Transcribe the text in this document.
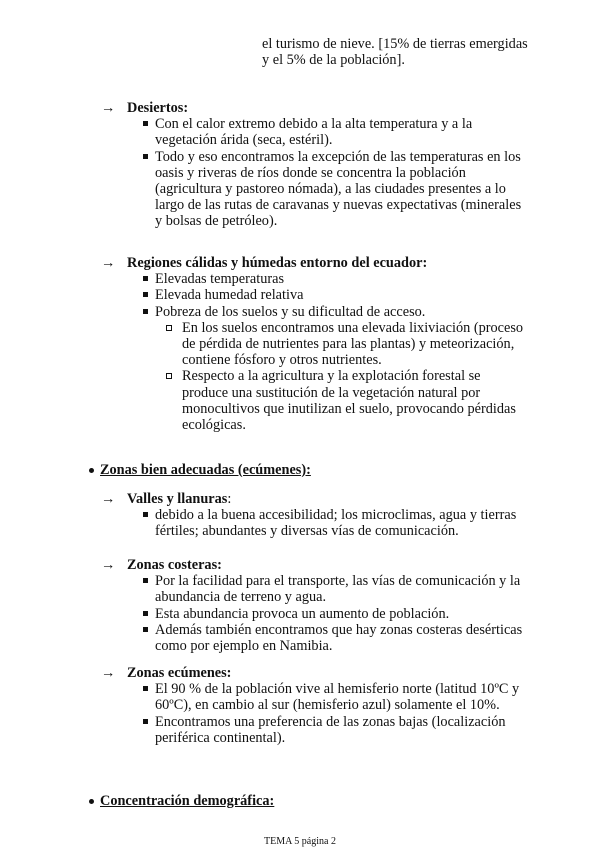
el turismo de nieve. [15% de tierras emergidas y el 5% de la población].
→ Desiertos:
Con el calor extremo debido a la alta temperatura y a la vegetación árida (seca, estéril).
Todo y eso encontramos la excepción de las temperaturas en los oasis y riveras de ríos donde se concentra la población (agricultura y pastoreo nómada), a las ciudades presentes a lo largo de las rutas de caravanas y nuevas expectativas (minerales y bolsas de petróleo).
→ Regiones cálidas y húmedas entorno del ecuador:
Elevadas temperaturas
Elevada humedad relativa
Pobreza de los suelos y su dificultad de acceso.
En los suelos encontramos una elevada lixiviación (proceso de pérdida de nutrientes para las plantas) y meteorización, contiene fósforo y otros nutrientes.
Respecto a la agricultura y la explotación forestal se produce una sustitución de la vegetación natural por monocultivos que inutilizan el suelo, provocando pérdidas ecológicas.
Zonas bien adecuadas (ecúmenes):
→ Valles y llanuras:
debido a la buena accesibilidad; los microclimas, agua y tierras fértiles; abundantes y diversas vías de comunicación.
→ Zonas costeras:
Por la facilidad para el transporte, las vías de comunicación y la abundancia de terreno y agua.
Esta abundancia provoca un aumento de población.
Además también encontramos que hay zonas costeras desérticas como por ejemplo en Namibia.
→ Zonas ecúmenes:
El 90 % de la población vive al hemisferio norte (latitud 10ºC y 60ºC), en cambio al sur (hemisferio azul) solamente el 10%.
Encontramos una preferencia de las zonas bajas (localización periférica continental).
Concentración demográfica:
TEMA 5 página 2
